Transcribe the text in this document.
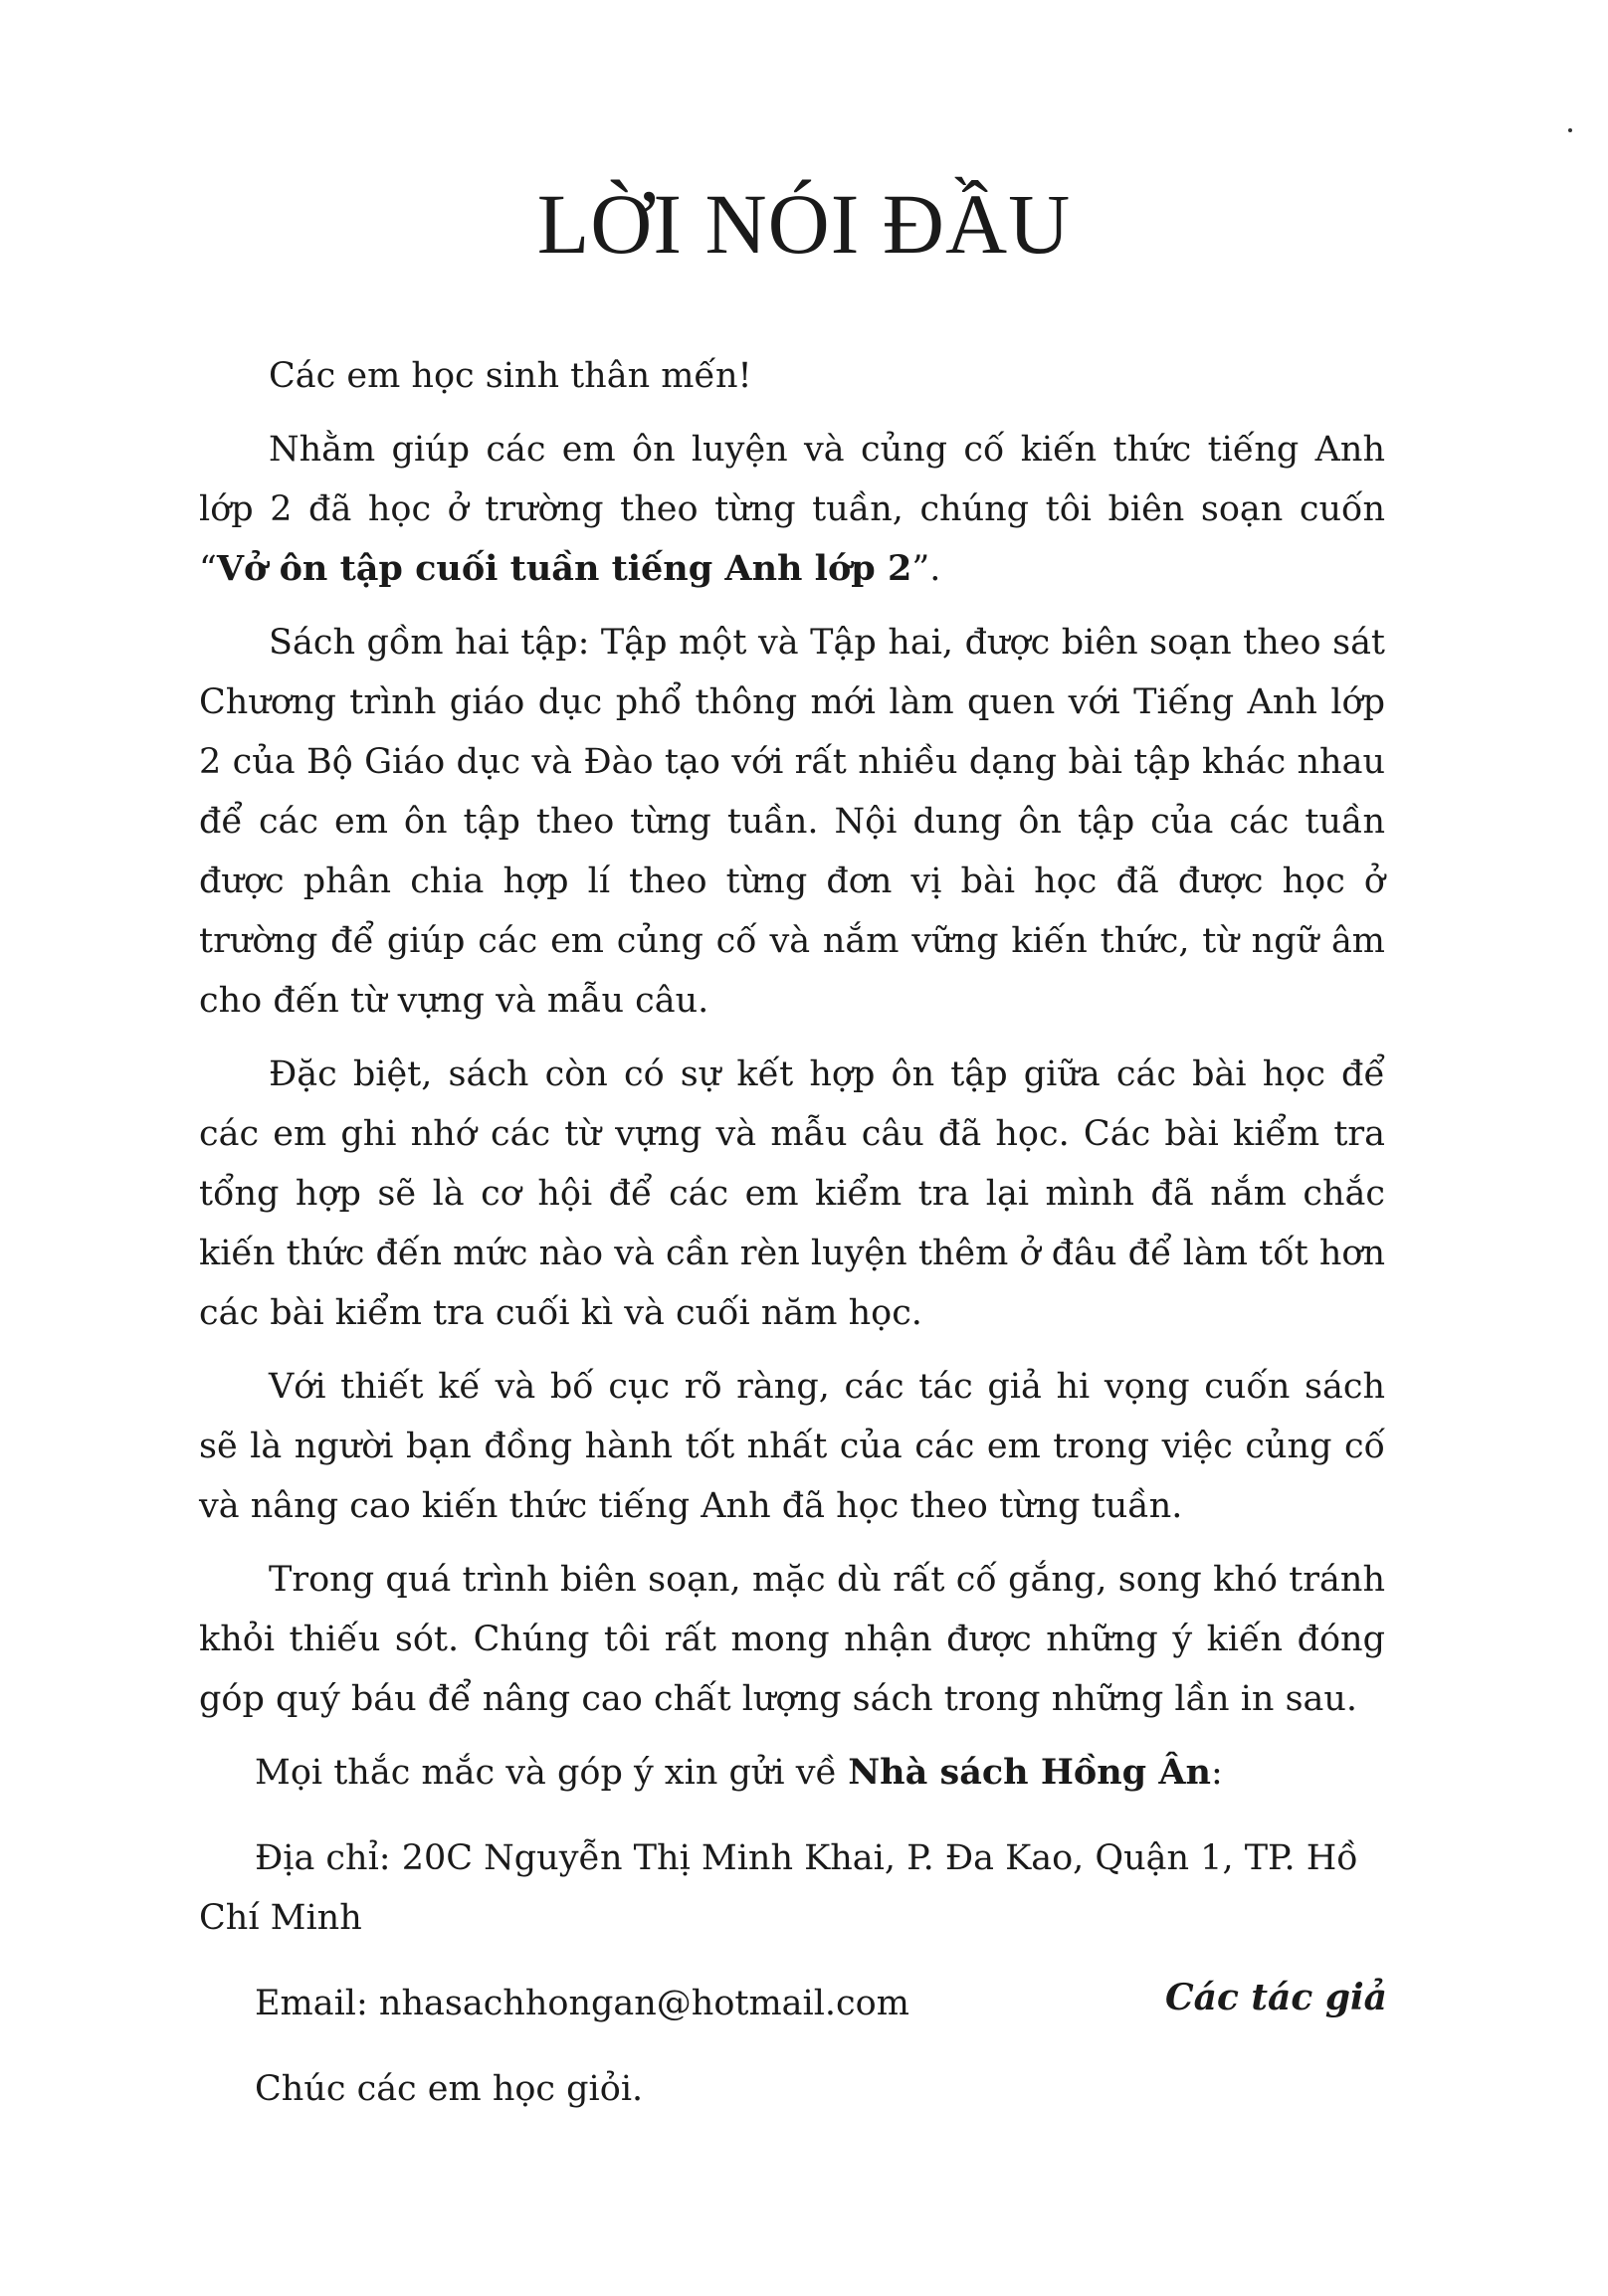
LỜI NÓI ĐẦU

Các em học sinh thân mến!

Nhằm giúp các em ôn luyện và củng cố kiến thức tiếng Anh lớp 2 đã học ở trường theo từng tuần, chúng tôi biên soạn cuốn “Vở ôn tập cuối tuần tiếng Anh lớp 2”.

Sách gồm hai tập: Tập một và Tập hai, được biên soạn theo sát Chương trình giáo dục phổ thông mới làm quen với Tiếng Anh lớp 2 của Bộ Giáo dục và Đào tạo với rất nhiều dạng bài tập khác nhau để các em ôn tập theo từng tuần. Nội dung ôn tập của các tuần được phân chia hợp lí theo từng đơn vị bài học đã được học ở trường để giúp các em củng cố và nắm vững kiến thức, từ ngữ âm cho đến từ vựng và mẫu câu.

Đặc biệt, sách còn có sự kết hợp ôn tập giữa các bài học để các em ghi nhớ các từ vựng và mẫu câu đã học. Các bài kiểm tra tổng hợp sẽ là cơ hội để các em kiểm tra lại mình đã nắm chắc kiến thức đến mức nào và cần rèn luyện thêm ở đâu để làm tốt hơn các bài kiểm tra cuối kì và cuối năm học.

Với thiết kế và bố cục rõ ràng, các tác giả hi vọng cuốn sách sẽ là người bạn đồng hành tốt nhất của các em trong việc củng cố và nâng cao kiến thức tiếng Anh đã học theo từng tuần.

Trong quá trình biên soạn, mặc dù rất cố gắng, song khó tránh khỏi thiếu sót. Chúng tôi rất mong nhận được những ý kiến đóng góp quý báu để nâng cao chất lượng sách trong những lần in sau.

Mọi thắc mắc và góp ý xin gửi về Nhà sách Hồng Ân:

Địa chỉ: 20C Nguyễn Thị Minh Khai, P. Đa Kao, Quận 1, TP. Hồ Chí Minh

Email: nhasachhongan@hotmail.com

Chúc các em học giỏi.

Các tác giả
